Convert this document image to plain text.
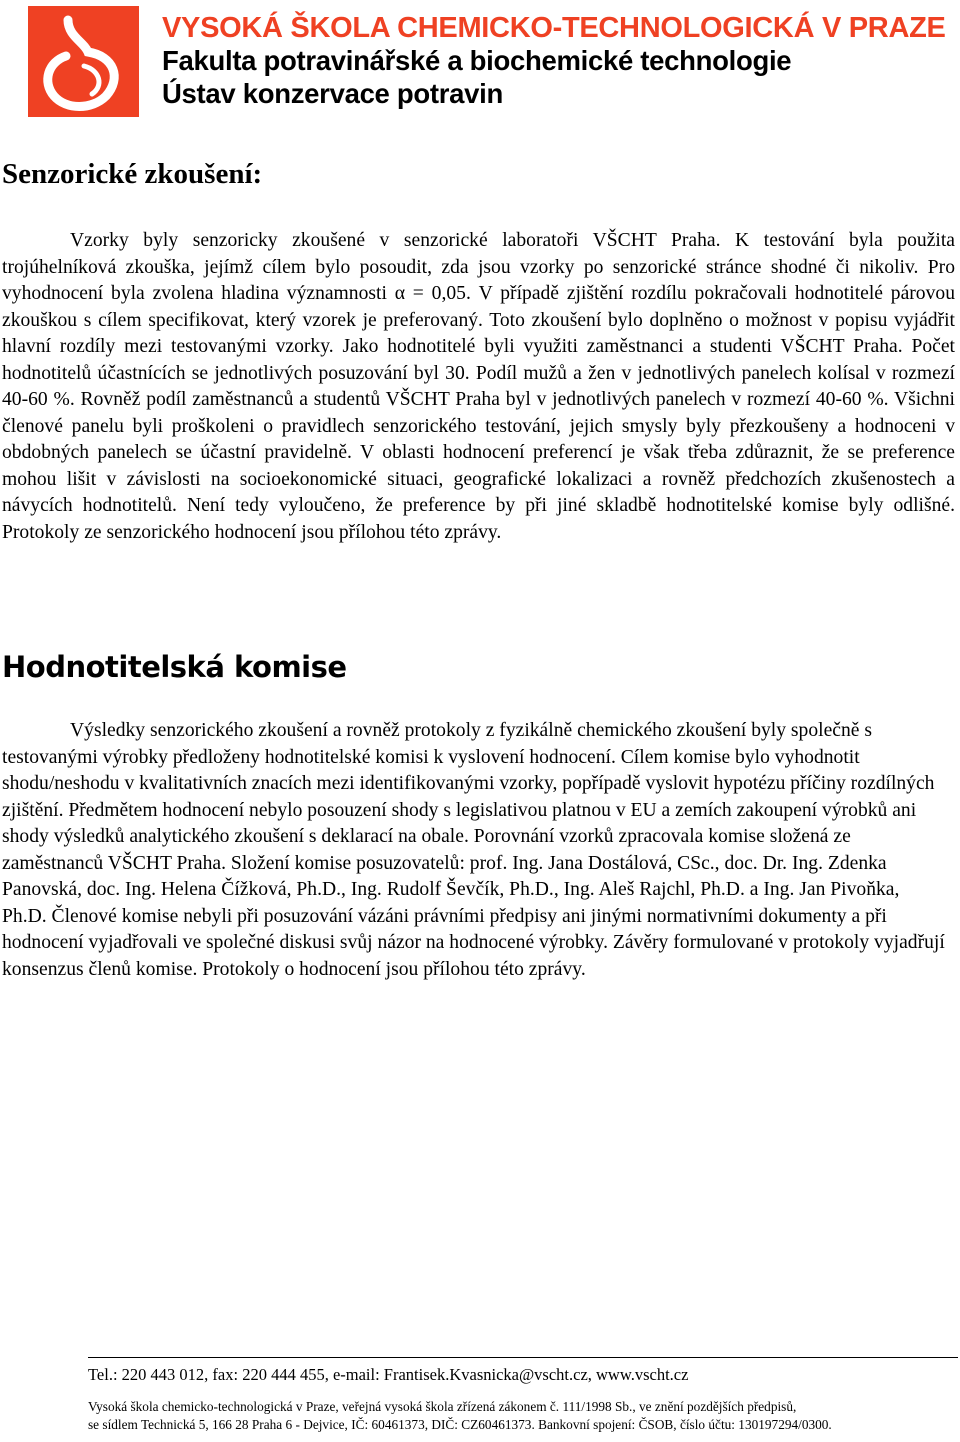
VYSOKÁ ŠKOLA CHEMICKO-TECHNOLOGICKÁ V PRAZE
Fakulta potravinářské a biochemické technologie
Ústav konzervace potravin
Senzorické zkoušení:

Vzorky byly senzoricky zkoušené v senzorické laboratoři VŠCHT Praha. K testování byla použita trojúhelníková zkouška, jejímž cílem bylo posoudit, zda jsou vzorky po senzorické stránce shodné či nikoliv. Pro vyhodnocení byla zvolena hladina významnosti α = 0,05. V případě zjištění rozdílu pokračovali hodnotitelé párovou zkouškou s cílem specifikovat, který vzorek je preferovaný. Toto zkoušení bylo doplněno o možnost v popisu vyjádřit hlavní rozdíly mezi testovanými vzorky. Jako hodnotitelé byli využiti zaměstnanci a studenti VŠCHT Praha. Počet hodnotitelů účastnících se jednotlivých posuzování byl 30. Podíl mužů a žen v jednotlivých panelech kolísal v rozmezí 40-60 %. Rovněž podíl zaměstnanců a studentů VŠCHT Praha byl v jednotlivých panelech v rozmezí 40-60 %. Všichni členové panelu byli proškoleni o pravidlech senzorického testování, jejich smysly byly přezkoušeny a hodnoceni v obdobných panelech se účastní pravidelně. V oblasti hodnocení preferencí je však třeba zdůraznit, že se preference mohou lišit v závislosti na socioekonomické situaci, geografické lokalizaci a rovněž předchozích zkušenostech a návycích hodnotitelů. Není tedy vyloučeno, že preference by při jiné skladbě hodnotitelské komise byly odlišné. Protokoly ze senzorického hodnocení jsou přílohou této zprávy.

Hodnotitelská komise

Výsledky senzorického zkoušení a rovněž protokoly z fyzikálně chemického zkoušení byly společně s testovanými výrobky předloženy hodnotitelské komisi k vyslovení hodnocení. Cílem komise bylo vyhodnotit shodu/neshodu v kvalitativních znacích mezi identifikovanými vzorky, popřípadě vyslovit hypotézu příčiny rozdílných zjištění. Předmětem hodnocení nebylo posouzení shody s legislativou platnou v EU a zemích zakoupení výrobků ani shody výsledků analytického zkoušení s deklarací na obale. Porovnání vzorků zpracovala komise složená ze zaměstnanců VŠCHT Praha. Složení komise posuzovatelů: prof. Ing. Jana Dostálová, CSc., doc. Dr. Ing. Zdenka Panovská, doc. Ing. Helena Čížková, Ph.D., Ing. Rudolf Ševčík, Ph.D., Ing. Aleš Rajchl, Ph.D. a Ing. Jan Pivoňka, Ph.D. Členové komise nebyli při posuzování vázáni právními předpisy ani jinými normativními dokumenty a při hodnocení vyjadřovali ve společné diskusi svůj názor na hodnocené výrobky. Závěry formulované v protokoly vyjadřují konsenzus členů komise. Protokoly o hodnocení jsou přílohou této zprávy.

Tel.: 220 443 012, fax: 220 444 455, e-mail: Frantisek.Kvasnicka@vscht.cz, www.vscht.cz
Vysoká škola chemicko-technologická v Praze, veřejná vysoká škola zřízená zákonem č. 111/1998 Sb., ve znění pozdějších předpisů,
se sídlem Technická 5, 166 28 Praha 6 - Dejvice, IČ: 60461373, DIČ: CZ60461373. Bankovní spojení: ČSOB, číslo účtu: 130197294/0300.
